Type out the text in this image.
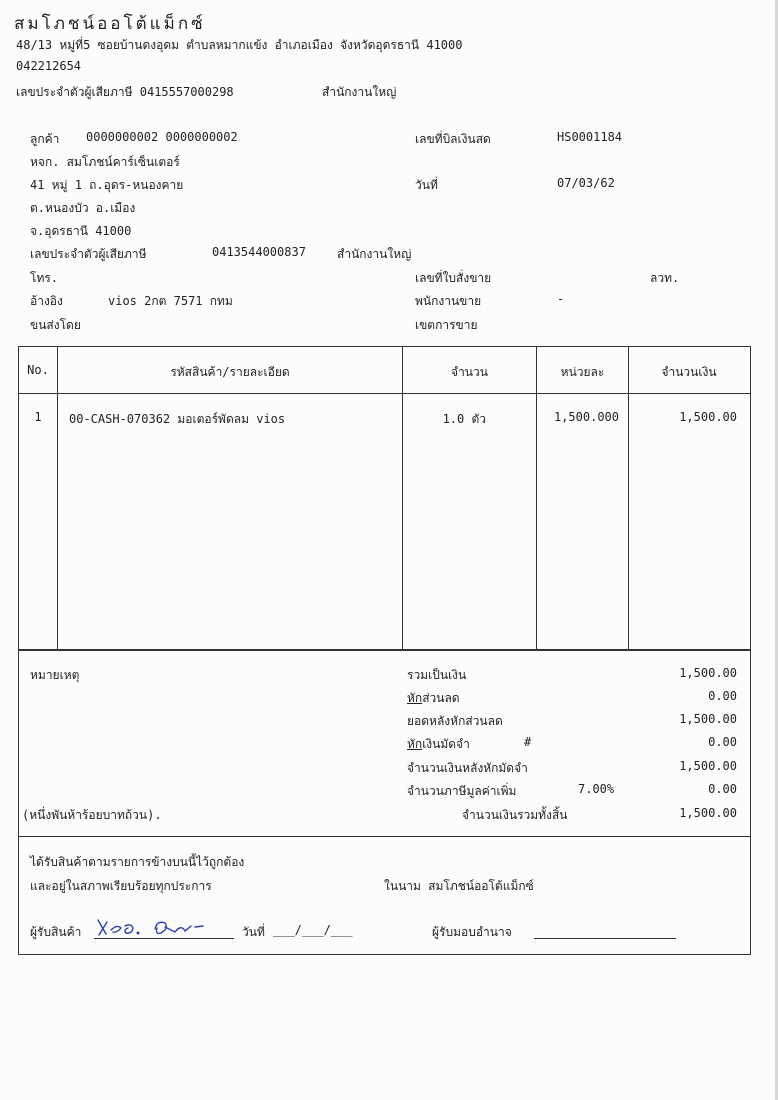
สมโภชน์ออโต้แม็กซ์
48/13 หมู่ที่5 ซอยบ้านดงอุดม ตำบลหมากแข้ง อำเภอเมือง จังหวัดอุดรธานี 41000
042212654
เลขประจำตัวผู้เสียภาษี 0415557000298	สำนักงานใหญ่
ลูกค้า 0000000002 0000000002
หจก. สมโภชน์คาร์เซ็นเตอร์
41 หมู่ 1 ถ.อุดร-หนองคาย
ต.หนองบัว อ.เมือง
จ.อุดรธานี 41000
เลขประจำตัวผู้เสียภาษี	0413544000837	สำนักงานใหญ่
โทร.
อ้างอิง	vios 2กต 7571 กทม
ขนส่งโดย
เลขที่บิลเงินสด	HS0001184
วันที่	07/03/62
เลขที่ใบสั่งขาย	ลวท.
พนักงานขาย	-
เขตการขาย
No.	รหัสสินค้า/รายละเอียด	จำนวน	หน่วยละ	จำนวนเงิน
1	00-CASH-070362 มอเตอร์พัดลม vios	1.0 ตัว	1,500.000	1,500.00
หมายเหตุ
(หนึ่งพันห้าร้อยบาทถ้วน).
รวมเป็นเงิน	1,500.00
หักส่วนลด	0.00
ยอดหลังหักส่วนลด	1,500.00
หักเงินมัดจำ	#	0.00
จำนวนเงินหลังหักมัดจำ	1,500.00
จำนวนภาษีมูลค่าเพิ่ม	7.00%	0.00
จำนวนเงินรวมทั้งสิ้น	1,500.00
ได้รับสินค้าตามรายการข้างบนนี้ไว้ถูกต้อง
และอยู่ในสภาพเรียบร้อยทุกประการ	ในนาม สมโภชน์ออโต้แม็กซ์
ผู้รับสินค้า	วันที่ ___/___/___	ผู้รับมอบอำนาจ
